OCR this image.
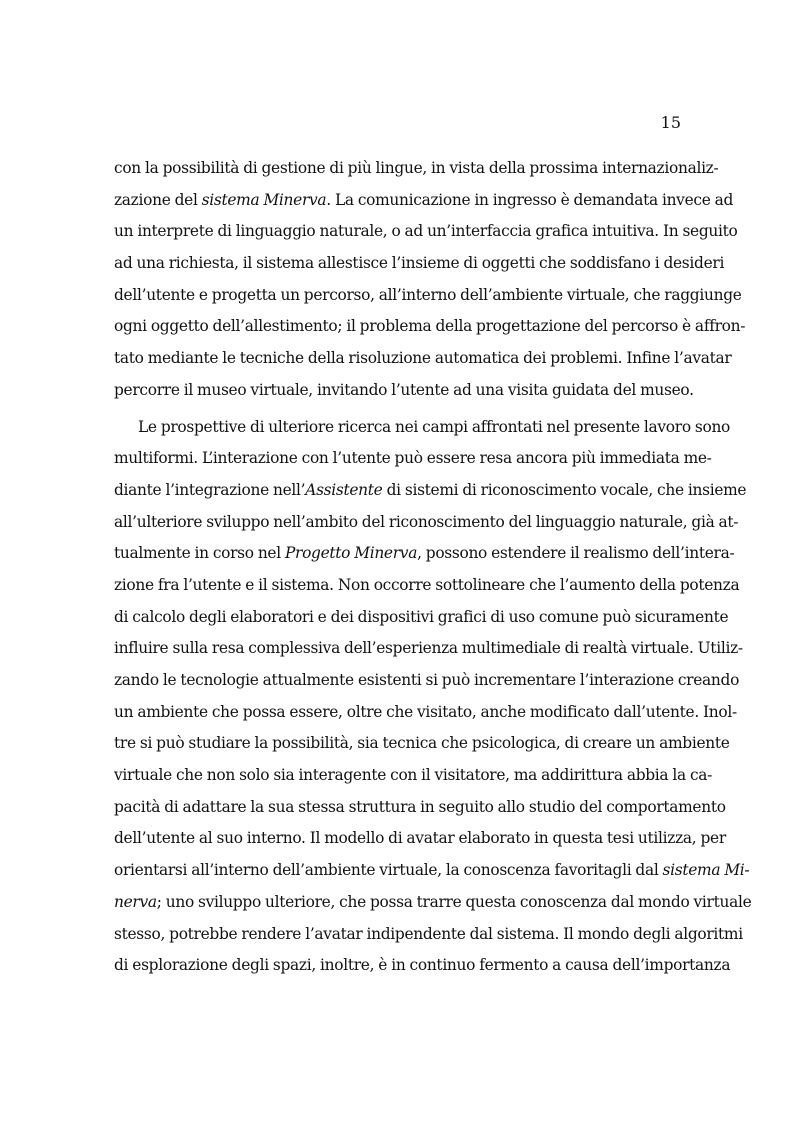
15
con la possibilità di gestione di più lingue, in vista della prossima internazionaliz-
zazione del sistema Minerva. La comunicazione in ingresso è demandata invece ad
un interprete di linguaggio naturale, o ad un’interfaccia grafica intuitiva. In seguito
ad una richiesta, il sistema allestisce l’insieme di oggetti che soddisfano i desideri
dell’utente e progetta un percorso, all’interno dell’ambiente virtuale, che raggiunge
ogni oggetto dell’allestimento; il problema della progettazione del percorso è affron-
tato mediante le tecniche della risoluzione automatica dei problemi. Infine l’avatar
percorre il museo virtuale, invitando l’utente ad una visita guidata del museo.
Le prospettive di ulteriore ricerca nei campi affrontati nel presente lavoro sono
multiformi. L’interazione con l’utente può essere resa ancora più immediata me-
diante l’integrazione nell’Assistente di sistemi di riconoscimento vocale, che insieme
all’ulteriore sviluppo nell’ambito del riconoscimento del linguaggio naturale, già at-
tualmente in corso nel Progetto Minerva, possono estendere il realismo dell’intera-
zione fra l’utente e il sistema. Non occorre sottolineare che l’aumento della potenza
di calcolo degli elaboratori e dei dispositivi grafici di uso comune può sicuramente
influire sulla resa complessiva dell’esperienza multimediale di realtà virtuale. Utiliz-
zando le tecnologie attualmente esistenti si può incrementare l’interazione creando
un ambiente che possa essere, oltre che visitato, anche modificato dall’utente. Inol-
tre si può studiare la possibilità, sia tecnica che psicologica, di creare un ambiente
virtuale che non solo sia interagente con il visitatore, ma addirittura abbia la ca-
pacità di adattare la sua stessa struttura in seguito allo studio del comportamento
dell’utente al suo interno. Il modello di avatar elaborato in questa tesi utilizza, per
orientarsi all’interno dell’ambiente virtuale, la conoscenza favoritagli dal sistema Mi-
nerva; uno sviluppo ulteriore, che possa trarre questa conoscenza dal mondo virtuale
stesso, potrebbe rendere l’avatar indipendente dal sistema. Il mondo degli algoritmi
di esplorazione degli spazi, inoltre, è in continuo fermento a causa dell’importanza
